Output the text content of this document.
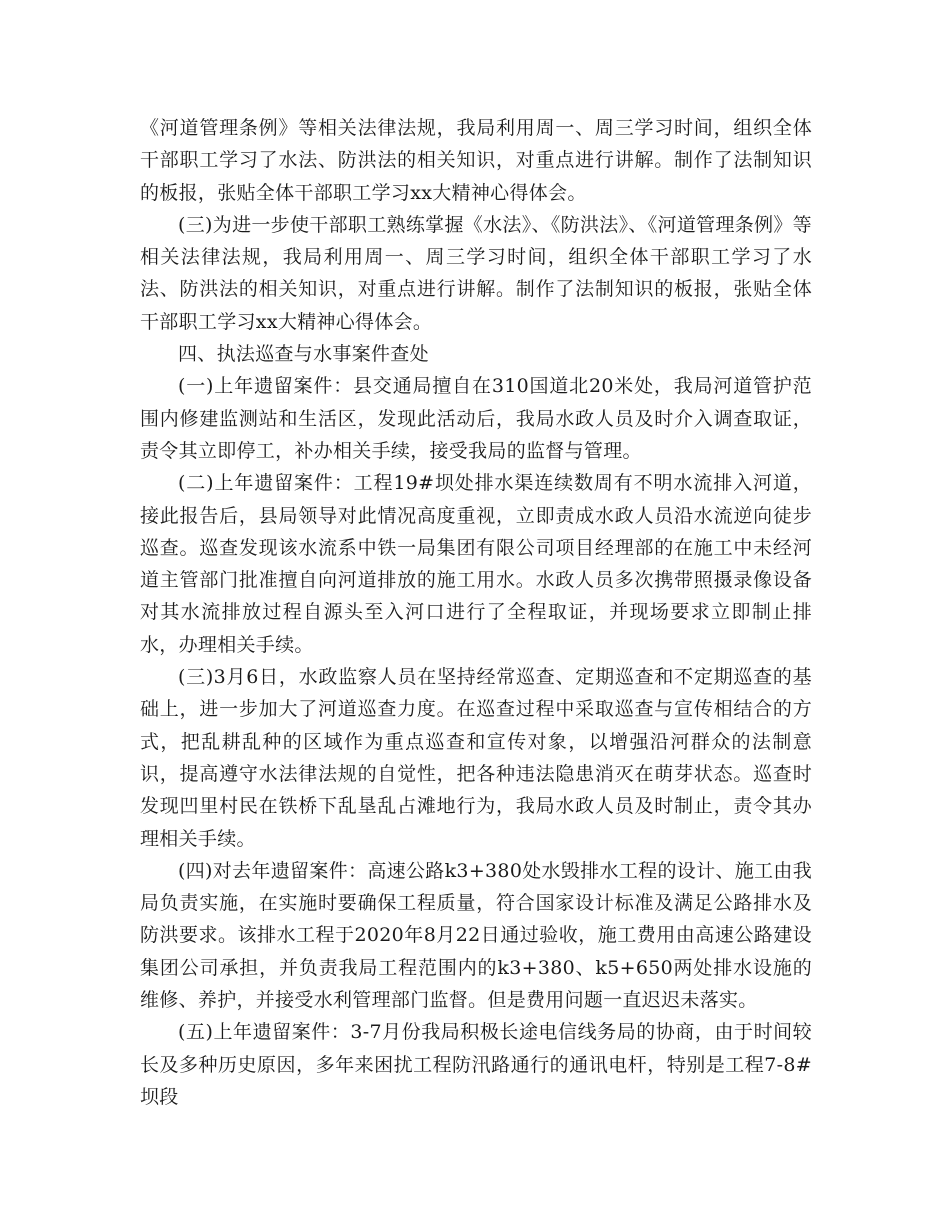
《河道管理条例》等相关法律法规，我局利用周一、周三学习时间，组织全体干部职工学习了水法、防洪法的相关知识，对重点进行讲解。制作了法制知识的板报，张贴全体干部职工学习xx大精神心得体会。

(三)为进一步使干部职工熟练掌握《水法》、《防洪法》、《河道管理条例》等相关法律法规，我局利用周一、周三学习时间，组织全体干部职工学习了水法、防洪法的相关知识，对重点进行讲解。制作了法制知识的板报，张贴全体干部职工学习xx大精神心得体会。

四、执法巡查与水事案件查处

(一)上年遗留案件：县交通局擅自在310国道北20米处，我局河道管护范围内修建监测站和生活区，发现此活动后，我局水政人员及时介入调查取证，责令其立即停工，补办相关手续，接受我局的监督与管理。

(二)上年遗留案件：工程19#坝处排水渠连续数周有不明水流排入河道，接此报告后，县局领导对此情况高度重视，立即责成水政人员沿水流逆向徒步巡查。巡查发现该水流系中铁一局集团有限公司项目经理部的在施工中未经河道主管部门批准擅自向河道排放的施工用水。水政人员多次携带照摄录像设备对其水流排放过程自源头至入河口进行了全程取证，并现场要求立即制止排水，办理相关手续。

(三)3月6日，水政监察人员在坚持经常巡查、定期巡查和不定期巡查的基础上，进一步加大了河道巡查力度。在巡查过程中采取巡查与宣传相结合的方式，把乱耕乱种的区域作为重点巡查和宣传对象，以增强沿河群众的法制意识，提高遵守水法律法规的自觉性，把各种违法隐患消灭在萌芽状态。巡查时发现凹里村民在铁桥下乱垦乱占滩地行为，我局水政人员及时制止，责令其办理相关手续。

(四)对去年遗留案件：高速公路k3+380处水毁排水工程的设计、施工由我局负责实施，在实施时要确保工程质量，符合国家设计标准及满足公路排水及防洪要求。该排水工程于2020年8月22日通过验收，施工费用由高速公路建设集团公司承担，并负责我局工程范围内的k3+380、k5+650两处排水设施的维修、养护，并接受水利管理部门监督。但是费用问题一直迟迟未落实。

(五)上年遗留案件：3-7月份我局积极长途电信线务局的协商，由于时间较长及多种历史原因，多年来困扰工程防汛路通行的通讯电杆，特别是工程7-8#坝段
